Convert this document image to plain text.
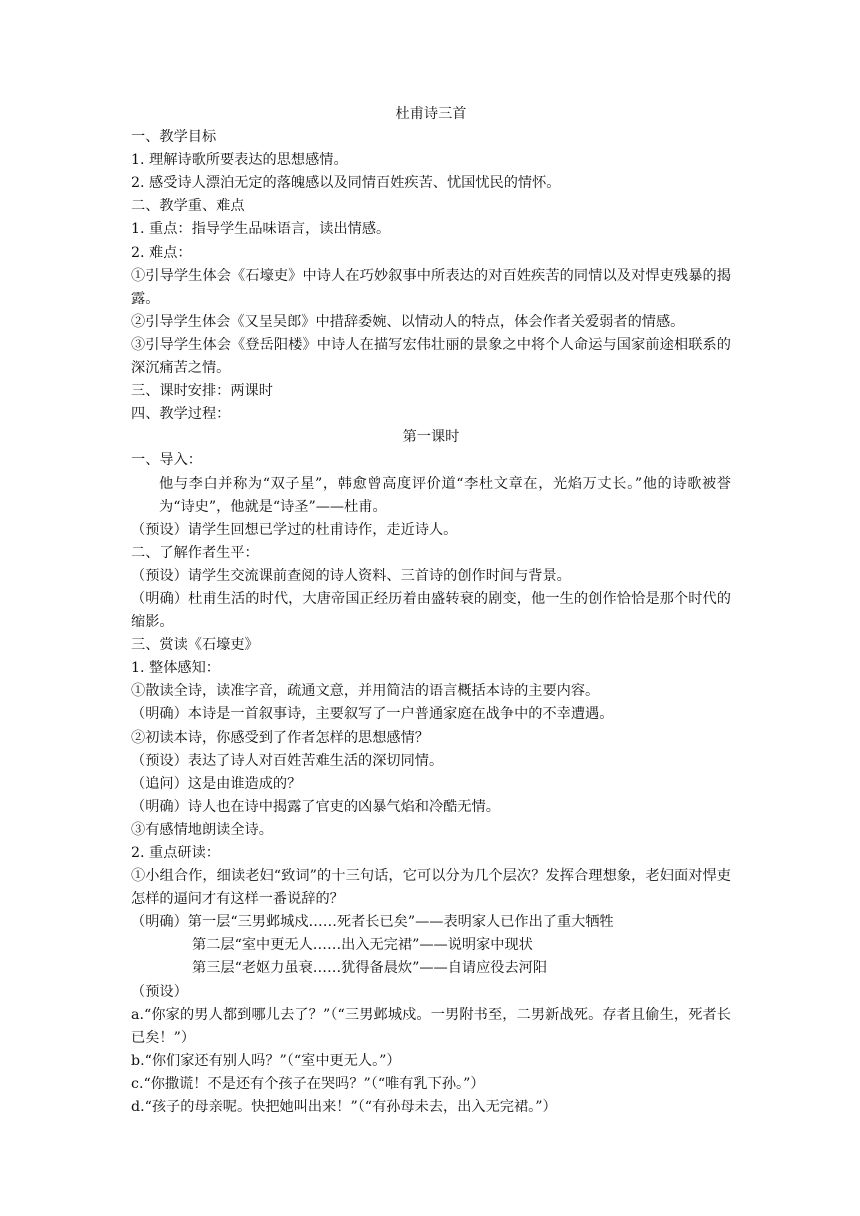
杜甫诗三首
一、教学目标
1. 理解诗歌所要表达的思想感情。
2. 感受诗人漂泊无定的落魄感以及同情百姓疾苦、忧国忧民的情怀。
二、教学重、难点
1. 重点：指导学生品味语言，读出情感。
2. 难点：
①引导学生体会《石壕吏》中诗人在巧妙叙事中所表达的对百姓疾苦的同情以及对悍吏残暴的揭露。
②引导学生体会《又呈吴郎》中措辞委婉、以情动人的特点，体会作者关爱弱者的情感。
③引导学生体会《登岳阳楼》中诗人在描写宏伟壮丽的景象之中将个人命运与国家前途相联系的深沉痛苦之情。
三、课时安排：两课时
四、教学过程：
第一课时
一、导入：
他与李白并称为“双子星”，韩愈曾高度评价道“李杜文章在，光焰万丈长。”他的诗歌被誉为“诗史”，他就是“诗圣”——杜甫。
（预设）请学生回想已学过的杜甫诗作，走近诗人。
二、了解作者生平：
（预设）请学生交流课前查阅的诗人资料、三首诗的创作时间与背景。
（明确）杜甫生活的时代，大唐帝国正经历着由盛转衰的剧变，他一生的创作恰恰是那个时代的缩影。
三、赏读《石壕吏》
1. 整体感知：
①散读全诗，读准字音，疏通文意，并用简洁的语言概括本诗的主要内容。
（明确）本诗是一首叙事诗，主要叙写了一户普通家庭在战争中的不幸遭遇。
②初读本诗，你感受到了作者怎样的思想感情？
（预设）表达了诗人对百姓苦难生活的深切同情。
（追问）这是由谁造成的？
（明确）诗人也在诗中揭露了官吏的凶暴气焰和冷酷无情。
③有感情地朗读全诗。
2. 重点研读：
①小组合作，细读老妇“致词”的十三句话，它可以分为几个层次？发挥合理想象，老妇面对悍吏怎样的逼问才有这样一番说辞的？
（明确）第一层“三男邺城戍……死者长已矣”——表明家人已作出了重大牺牲
第二层“室中更无人……出入无完裙”——说明家中现状
第三层“老妪力虽衰……犹得备晨炊”——自请应役去河阳
（预设）
a.“你家的男人都到哪儿去了？”（“三男邺城戍。一男附书至，二男新战死。存者且偷生，死者长已矣！”）
b.“你们家还有别人吗？”（“室中更无人。”）
c.“你撒谎！不是还有个孩子在哭吗？”（“唯有乳下孙。”）
d.“孩子的母亲呢。快把她叫出来！”（“有孙母未去，出入无完裙。”）
